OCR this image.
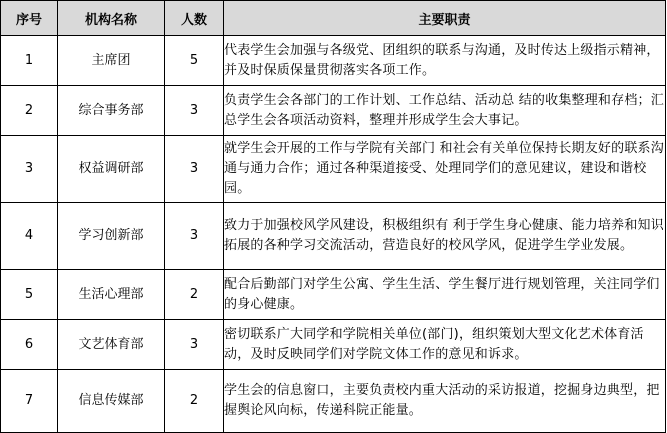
序号	机构名称	人数	主要职责
1	主席团	5	代表学生会加强与各级党、团组织的联系与沟通，及时传达上级指示精神，并及时保质保量贯彻落实各项工作。
2	综合事务部	3	负责学生会各部门的工作计划、工作总结、活动总 结的收集整理和存档；汇总学生会各项活动资料，整理并形成学生会大事记。
3	权益调研部	3	就学生会开展的工作与学院有关部门 和社会有关单位保持长期友好的联系沟通与通力合作；通过各种渠道接受、处理同学们的意见建议，建设和谐校园。
4	学习创新部	3	致力于加强校风学风建设，积极组织有 利于学生身心健康、能力培养和知识拓展的各种学习交流活动，营造良好的校风学风，促进学生学业发展。
5	生活心理部	2	配合后勤部门对学生公寓、学生生活、学生餐厅进行规划管理，关注同学们的身心健康。
6	文艺体育部	3	密切联系广大同学和学院相关单位(部门)，组织策划大型文化艺术体育活动，及时反映同学们对学院文体工作的意见和诉求。
7	信息传媒部	2	学生会的信息窗口，主要负责校内重大活动的采访报道，挖掘身边典型，把握舆论风向标，传递科院正能量。
